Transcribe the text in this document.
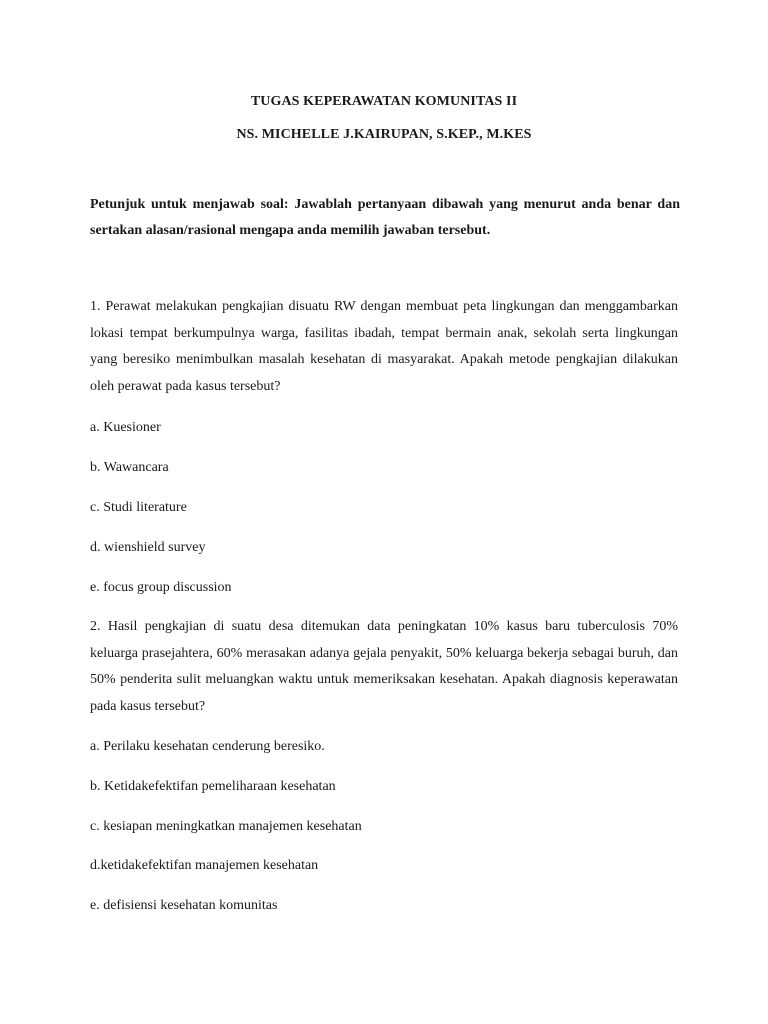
TUGAS KEPERAWATAN KOMUNITAS II
NS. MICHELLE J.KAIRUPAN, S.KEP., M.KES
Petunjuk untuk menjawab soal: Jawablah pertanyaan dibawah yang menurut anda benar dan sertakan alasan/rasional mengapa anda memilih jawaban tersebut.
1. Perawat melakukan pengkajian disuatu RW dengan membuat peta lingkungan dan menggambarkan lokasi tempat berkumpulnya warga, fasilitas ibadah, tempat bermain anak, sekolah serta lingkungan yang beresiko menimbulkan masalah kesehatan di masyarakat. Apakah metode pengkajian dilakukan oleh perawat pada kasus tersebut?
a. Kuesioner
b. Wawancara
c. Studi literature
d. wienshield survey
e. focus group discussion
2. Hasil pengkajian di suatu desa ditemukan data peningkatan 10% kasus baru tuberculosis 70% keluarga prasejahtera, 60% merasakan adanya gejala penyakit, 50% keluarga bekerja sebagai buruh, dan 50% penderita sulit meluangkan waktu untuk memeriksakan kesehatan. Apakah diagnosis keperawatan pada kasus tersebut?
a. Perilaku kesehatan cenderung beresiko.
b. Ketidakefektifan pemeliharaan kesehatan
c. kesiapan meningkatkan manajemen kesehatan
d.ketidakefektifan manajemen kesehatan
e. defisiensi kesehatan komunitas
